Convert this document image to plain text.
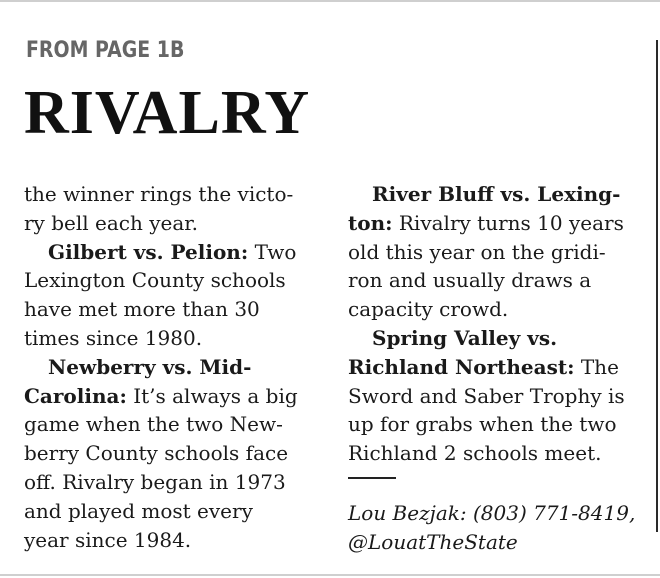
FROM PAGE 1B
RIVALRY
the winner rings the victo-
ry bell each year.
Gilbert vs. Pelion: Two
Lexington County schools
have met more than 30
times since 1980.
Newberry vs. Mid-
Carolina: It’s always a big
game when the two New-
berry County schools face
off. Rivalry began in 1973
and played most every
year since 1984.
River Bluff vs. Lexing-
ton: Rivalry turns 10 years
old this year on the gridi-
ron and usually draws a
capacity crowd.
Spring Valley vs.
Richland Northeast: The
Sword and Saber Trophy is
up for grabs when the two
Richland 2 schools meet.
Lou Bezjak: (803) 771-8419,
@LouatTheState
